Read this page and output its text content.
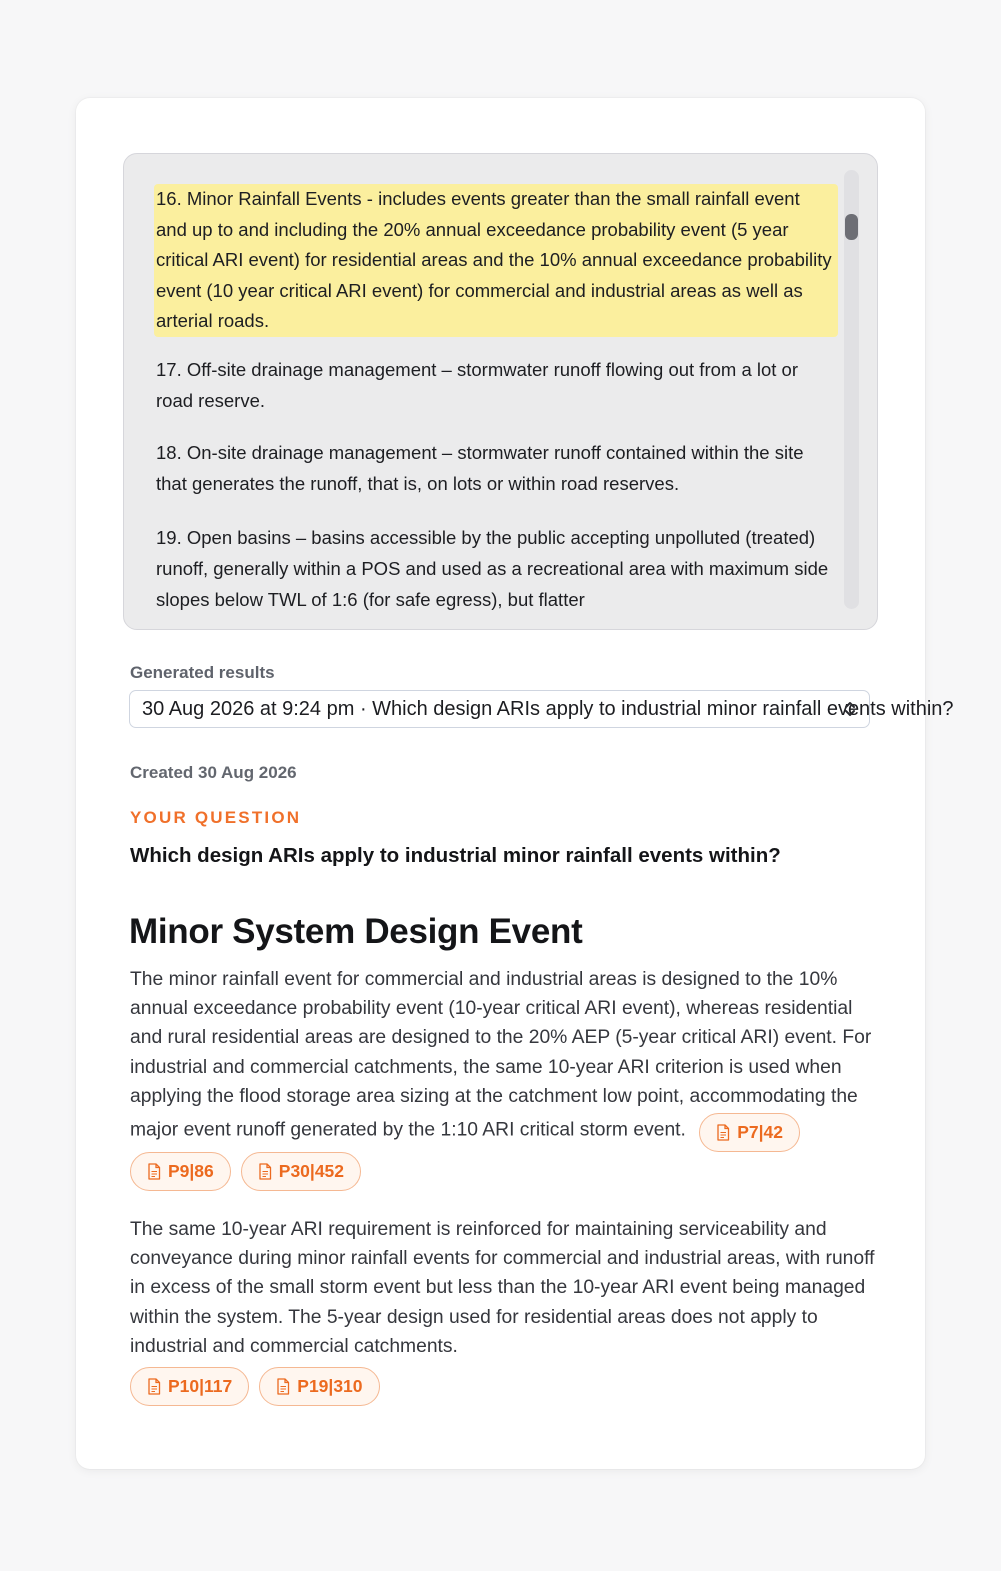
16. Minor Rainfall Events - includes events greater than the small rainfall event and up to and including the 20% annual exceedance probability event (5 year critical ARI event) for residential areas and the 10% annual exceedance probability event (10 year critical ARI event) for commercial and industrial areas as well as arterial roads.
17. Off-site drainage management – stormwater runoff flowing out from a lot or road reserve.
18. On-site drainage management – stormwater runoff contained within the site that generates the runoff, that is, on lots or within road reserves.
19. Open basins – basins accessible by the public accepting unpolluted (treated) runoff, generally within a POS and used as a recreational area with maximum side slopes below TWL of 1:6 (for safe egress), but flatter
Generated results
30 Aug 2026 at 9:24 pm · Which design ARIs apply to industrial minor rainfall events within?
Created 30 Aug 2026
YOUR QUESTION
Which design ARIs apply to industrial minor rainfall events within?
Minor System Design Event
The minor rainfall event for commercial and industrial areas is designed to the 10% annual exceedance probability event (10-year critical ARI event), whereas residential and rural residential areas are designed to the 20% AEP (5-year critical ARI) event. For industrial and commercial catchments, the same 10-year ARI criterion is used when applying the flood storage area sizing at the catchment low point, accommodating the major event runoff generated by the 1:10 ARI critical storm event.	P7|42
P9|86	P30|452
The same 10-year ARI requirement is reinforced for maintaining serviceability and conveyance during minor rainfall events for commercial and industrial areas, with runoff in excess of the small storm event but less than the 10-year ARI event being managed within the system. The 5-year design used for residential areas does not apply to industrial and commercial catchments.
P10|117	P19|310
